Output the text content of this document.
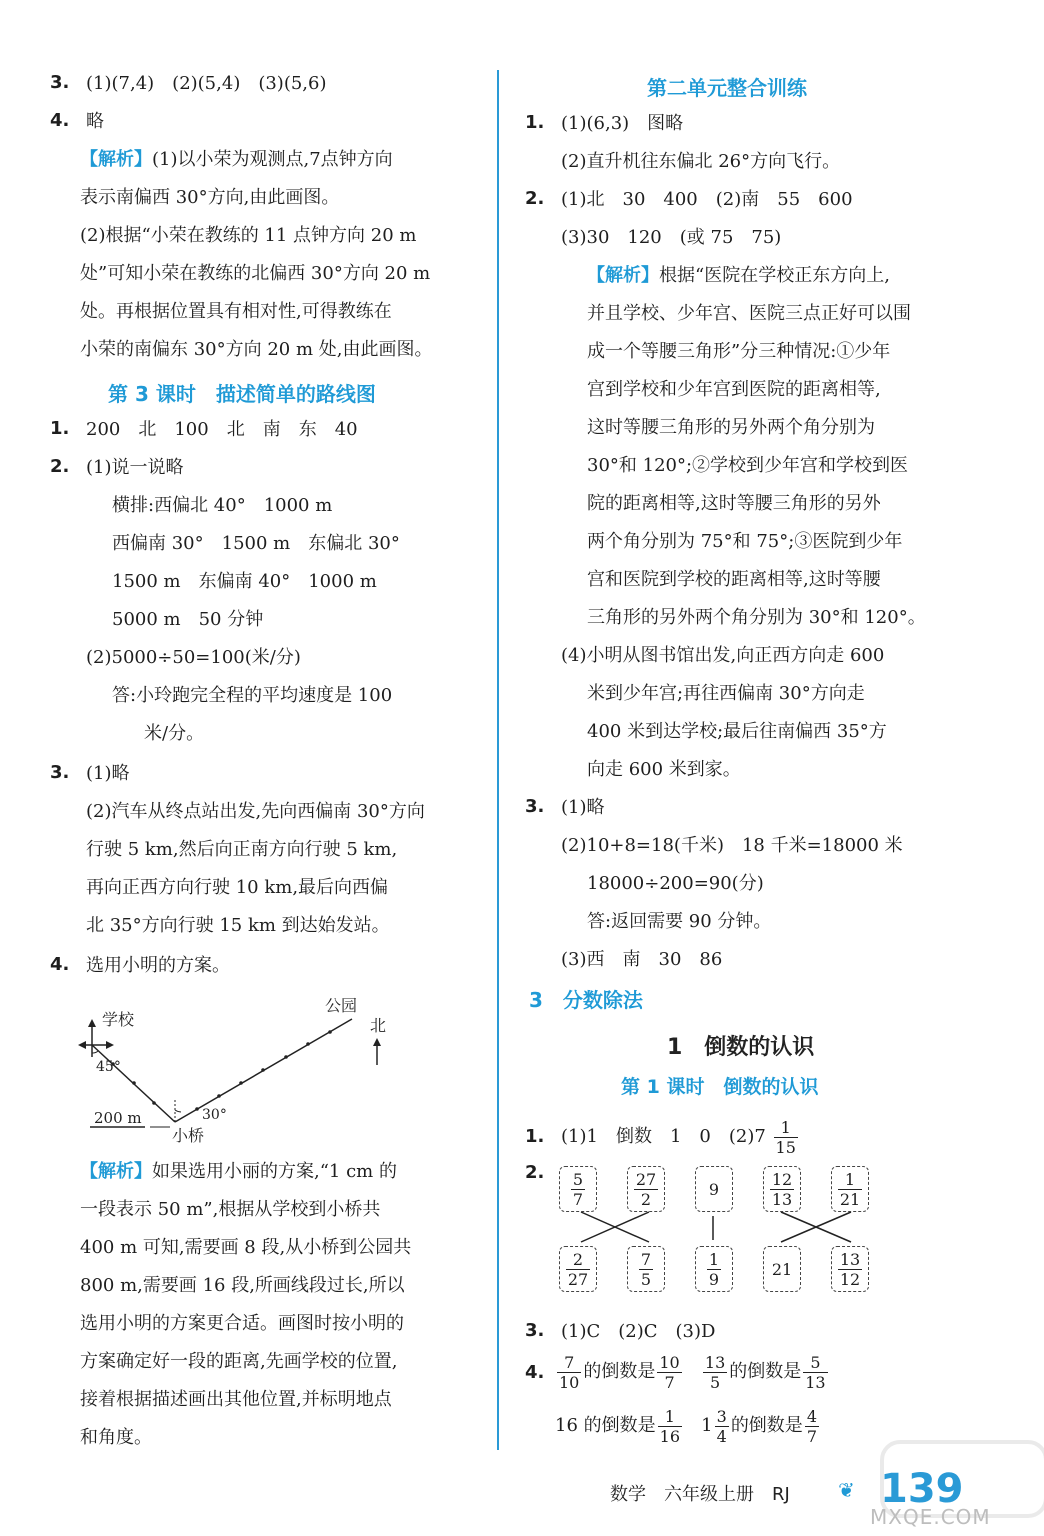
3. (1)(7,4)　(2)(5,4)　(3)(5,6)
4. 略
【解析】(1)以小荣为观测点,7点钟方向
表示南偏西 30°方向,由此画图。
(2)根据“小荣在教练的 11 点钟方向 20 m
处”可知小荣在教练的北偏西 30°方向 20 m
处。再根据位置具有相对性,可得教练在
小荣的南偏东 30°方向 20 m 处,由此画图。
第 3 课时　描述简单的路线图
1. 200　北　100　北　南　东　40
2. (1)说一说略
横排:西偏北 40°　1000 m
西偏南 30°　1500 m　东偏北 30°
1500 m　东偏南 40°　1000 m
5000 m　50 分钟
(2)5000÷50=100(米/分)
答:小玲跑完全程的平均速度是 100
米/分。
3. (1)略
(2)汽车从终点站出发,先向西偏南 30°方向
行驶 5 km,然后向正南方向行驶 5 km,
再向正西方向行驶 10 km,最后向西偏
北 35°方向行驶 15 km 到达始发站。
4. 选用小明的方案。
学校
公园
北
小桥
45°
30°
200 m
【解析】如果选用小丽的方案,“1 cm 的
一段表示 50 m”,根据从学校到小桥共
400 m 可知,需要画 8 段,从小桥到公园共
800 m,需要画 16 段,所画线段过长,所以
选用小明的方案更合适。画图时按小明的
方案确定好一段的距离,先画学校的位置,
接着根据描述画出其他位置,并标明地点
和角度。
第二单元整合训练
1. (1)(6,3)　图略
(2)直升机往东偏北 26°方向飞行。
2. (1)北　30　400　(2)南　55　600
(3)30　120　(或 75　75)
【解析】根据“医院在学校正东方向上,
并且学校、少年宫、医院三点正好可以围
成一个等腰三角形”分三种情况:①少年
宫到学校和少年宫到医院的距离相等,
这时等腰三角形的另外两个角分别为
30°和 120°;②学校到少年宫和学校到医
院的距离相等,这时等腰三角形的另外
两个角分别为 75°和 75°;③医院到少年
宫和医院到学校的距离相等,这时等腰
三角形的另外两个角分别为 30°和 120°。
(4)小明从图书馆出发,向正西方向走 600
米到少年宫;再往西偏南 30°方向走
400 米到达学校;最后往南偏西 35°方
向走 600 米到家。
3. (1)略
(2)10+8=18(千米)　18 千米=18000 米
18000÷200=90(分)
答:返回需要 90 分钟。
(3)西　南　30　86
3　分数除法
1　倒数的认识
第 1 课时　倒数的认识
1. (1)1　倒数　1　0　$(2)7 \frac{1}{15}$
2. $\frac{5}{7}$	$\frac{27}{2}$	9	$\frac{12}{13}$	$\frac{1}{21}$
$\frac{2}{27}$	$\frac{7}{5}$	$\frac{1}{9}$	21	$\frac{13}{12}$
3. (1)C　(2)C　(3)D
4. $\frac{7}{10}$ 的倒数是 $\frac{10}{7}$
$\frac{13}{5}$ 的倒数是 $\frac{5}{13}$
16 的倒数是 $\frac{1}{16} 1 \frac{3}{4}$ 的倒数是 $\frac{4}{7}$
数学　六年级上册　RJ ❦ 139
MXQE.COM
